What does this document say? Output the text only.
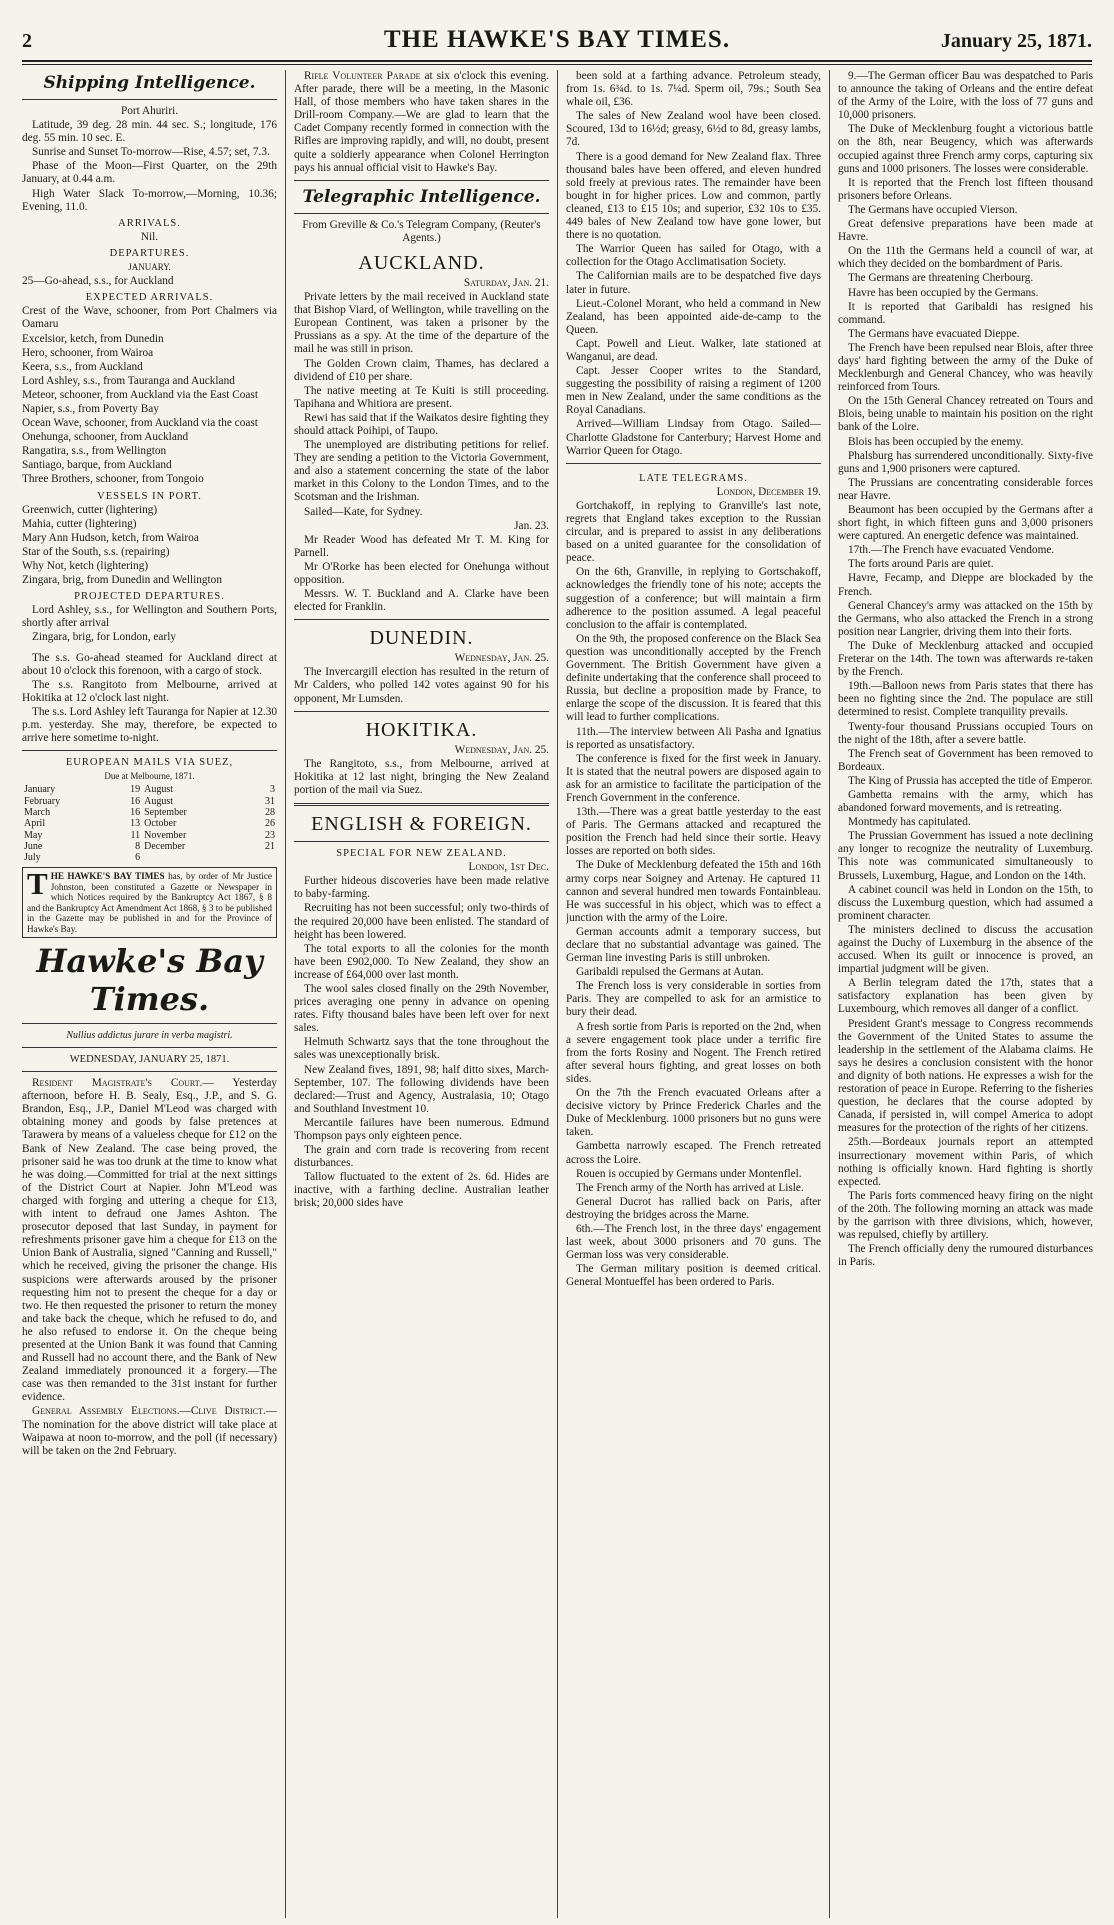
2	THE HAWKE'S BAY TIMES.	January 25, 1871.
Shipping Intelligence.

Port Ahuriri.

Latitude, 39 deg. 28 min. 44 sec. S.; longitude, 176 deg. 55 min. 10 sec. E.

Sunrise and Sunset To-morrow—Rise, 4.57; set, 7.3.

Phase of the Moon—First Quarter, on the 29th January, at 0.44 a.m.

High Water Slack To-morrow,—Morning, 10.36; Evening, 11.0.

ARRIVALS.

Nil.

DEPARTURES.

JANUARY.

25—Go-ahead, s.s., for Auckland

EXPECTED ARRIVALS.

Crest of the Wave, schooner, from Port Chalmers via Oamaru

Excelsior, ketch, from Dunedin

Hero, schooner, from Wairoa

Keera, s.s., from Auckland

Lord Ashley, s.s., from Tauranga and Auckland

Meteor, schooner, from Auckland via the East Coast

Napier, s.s., from Poverty Bay

Ocean Wave, schooner, from Auckland via the coast

Onehunga, schooner, from Auckland

Rangatira, s.s., from Wellington

Santiago, barque, from Auckland

Three Brothers, schooner, from Tongoio

VESSELS IN PORT.

Greenwich, cutter (lightering)

Mahia, cutter (lightering)

Mary Ann Hudson, ketch, from Wairoa

Star of the South, s.s. (repairing)

Why Not, ketch (lightering)

Zingara, brig, from Dunedin and Wellington

PROJECTED DEPARTURES.

Lord Ashley, s.s., for Wellington and Southern Ports, shortly after arrival

Zingara, brig, for London, early

The s.s. Go-ahead steamed for Auckland direct at about 10 o'clock this forenoon, with a cargo of stock.

The s.s. Rangitoto from Melbourne, arrived at Hokitika at 12 o'clock last night.

The s.s. Lord Ashley left Tauranga for Napier at 12.30 p.m. yesterday. She may, therefore, be expected to arrive here sometime to-night.

EUROPEAN MAILS VIA SUEZ,

Due at Melbourne, 1871.

January	19	August	3
February	16	August	31
March	16	September	28
April	13	October	26
May	11	November	23
June	8	December	21
July	6		
T HE HAWKE'S BAY TIMES has, by order of Mr Justice Johnston, been constituted a Gazette or Newspaper in which Notices required by the Bankruptcy Act 1867, § 8 and the Bankruptcy Act Amendment Act 1868, § 3 to be published in the Gazette may be published in and for the Province of Hawke's Bay.
Hawke's Bay Times.
Nullius addictus jurare in verba magistri.

WEDNESDAY, JANUARY 25, 1871.

Resident Magistrate's Court.— Yesterday afternoon, before H. B. Sealy, Esq., J.P., and S. G. Brandon, Esq., J.P., Daniel M'Leod was charged with obtaining money and goods by false pretences at Tarawera by means of a valueless cheque for £12 on the Bank of New Zealand. The case being proved, the prisoner said he was too drunk at the time to know what he was doing.—Committed for trial at the next sittings of the District Court at Napier. John M'Leod was charged with forging and uttering a cheque for £13, with intent to defraud one James Ashton. The prosecutor deposed that last Sunday, in payment for refreshments prisoner gave him a cheque for £13 on the Union Bank of Australia, signed "Canning and Russell," which he received, giving the prisoner the change. His suspicions were afterwards aroused by the prisoner requesting him not to present the cheque for a day or two. He then requested the prisoner to return the money and take back the cheque, which he refused to do, and he also refused to endorse it. On the cheque being presented at the Union Bank it was found that Canning and Russell had no account there, and the Bank of New Zealand immediately pronounced it a forgery.—The case was then remanded to the 31st instant for further evidence.

General Assembly Elections.—Clive District.— The nomination for the above district will take place at Waipawa at noon to-morrow, and the poll (if necessary) will be taken on the 2nd February.

Rifle Volunteer Parade at six o'clock this evening. After parade, there will be a meeting, in the Masonic Hall, of those members who have taken shares in the Drill-room Company.—We are glad to learn that the Cadet Company recently formed in connection with the Rifles are improving rapidly, and will, no doubt, present quite a soldierly appearance when Colonel Herrington pays his annual official visit to Hawke's Bay.

Telegraphic Intelligence.

From Greville & Co.'s Telegram Company, (Reuter's Agents.)

AUCKLAND.

Saturday, Jan. 21.

Private letters by the mail received in Auckland state that Bishop Viard, of Wellington, while travelling on the European Continent, was taken a prisoner by the Prussians as a spy. At the time of the departure of the mail he was still in prison.

The Golden Crown claim, Thames, has declared a dividend of £10 per share.

The native meeting at Te Kuiti is still proceeding. Tapihana and Whitiora are present.

Rewi has said that if the Waikatos desire fighting they should attack Poihipi, of Taupo.

The unemployed are distributing petitions for relief. They are sending a petition to the Victoria Government, and also a statement concerning the state of the labor market in this Colony to the London Times, and to the Scotsman and the Irishman.

Sailed—Kate, for Sydney.

Jan. 23.

Mr Reader Wood has defeated Mr T. M. King for Parnell.

Mr O'Rorke has been elected for Onehunga without opposition.

Messrs. W. T. Buckland and A. Clarke have been elected for Franklin.

DUNEDIN.

Wednesday, Jan. 25.

The Invercargill election has resulted in the return of Mr Calders, who polled 142 votes against 90 for his opponent, Mr Lumsden.

HOKITIKA.

Wednesday, Jan. 25.

The Rangitoto, s.s., from Melbourne, arrived at Hokitika at 12 last night, bringing the New Zealand portion of the mail via Suez.

ENGLISH & FOREIGN.

SPECIAL FOR NEW ZEALAND.

London, 1st Dec.

Further hideous discoveries have been made relative to baby-farming.

Recruiting has not been successful; only two-thirds of the required 20,000 have been enlisted. The standard of height has been lowered.

The total exports to all the colonies for the month have been £902,000. To New Zealand, they show an increase of £64,000 over last month.

The wool sales closed finally on the 29th November, prices averaging one penny in advance on opening rates. Fifty thousand bales have been left over for next sales.

Helmuth Schwartz says that the tone throughout the sales was unexceptionally brisk.

New Zealand fives, 1891, 98; half ditto sixes, March-September, 107. The following dividends have been declared:—Trust and Agency, Australasia, 10; Otago and Southland Investment 10.

Mercantile failures have been numerous. Edmund Thompson pays only eighteen pence.

The grain and corn trade is recovering from recent disturbances.

Tallow fluctuated to the extent of 2s. 6d. Hides are inactive, with a farthing decline. Australian leather brisk; 20,000 sides have

been sold at a farthing advance. Petroleum steady, from 1s. 6¾d. to 1s. 7¼d. Sperm oil, 79s.; South Sea whale oil, £36.

The sales of New Zealand wool have been closed. Scoured, 13d to 16½d; greasy, 6½d to 8d, greasy lambs, 7d.

There is a good demand for New Zealand flax. Three thousand bales have been offered, and eleven hundred sold freely at previous rates. The remainder have been bought in for higher prices. Low and common, partly cleaned, £13 to £15 10s; and superior, £32 10s to £35. 449 bales of New Zealand tow have gone lower, but there is no quotation.

The Warrior Queen has sailed for Otago, with a collection for the Otago Acclimatisation Society.

The Californian mails are to be despatched five days later in future.

Lieut.-Colonel Morant, who held a command in New Zealand, has been appointed aide-de-camp to the Queen.

Capt. Powell and Lieut. Walker, late stationed at Wanganui, are dead.

Capt. Jesser Cooper writes to the Standard, suggesting the possibility of raising a regiment of 1200 men in New Zealand, under the same conditions as the Royal Canadians.

Arrived—William Lindsay from Otago. Sailed—Charlotte Gladstone for Canterbury; Harvest Home and Warrior Queen for Otago.

LATE TELEGRAMS.

London, December 19.

Gortchakoff, in replying to Granville's last note, regrets that England takes exception to the Russian circular, and is prepared to assist in any deliberations based on a united guarantee for the consolidation of peace.

On the 6th, Granville, in replying to Gortschakoff, acknowledges the friendly tone of his note; accepts the suggestion of a conference; but will maintain a firm adherence to the position assumed. A legal peaceful conclusion to the affair is contemplated.

On the 9th, the proposed conference on the Black Sea question was unconditionally accepted by the French Government. The British Government have given a definite undertaking that the conference shall proceed to Russia, but decline a proposition made by France, to enlarge the scope of the discussion. It is feared that this will lead to further complications.

11th.—The interview between Ali Pasha and Ignatius is reported as unsatisfactory.

The conference is fixed for the first week in January. It is stated that the neutral powers are disposed again to ask for an armistice to facilitate the participation of the French Government in the conference.

13th.—There was a great battle yesterday to the east of Paris. The Germans attacked and recaptured the position the French had held since their sortie. Heavy losses are reported on both sides.

The Duke of Mecklenburg defeated the 15th and 16th army corps near Soigney and Artenay. He captured 11 cannon and several hundred men towards Fontainbleau. He was successful in his object, which was to effect a junction with the army of the Loire.

German accounts admit a temporary success, but declare that no substantial advantage was gained. The German line investing Paris is still unbroken.

Garibaldi repulsed the Germans at Autan.

The French loss is very considerable in sorties from Paris. They are compelled to ask for an armistice to bury their dead.

A fresh sortie from Paris is reported on the 2nd, when a severe engagement took place under a terrific fire from the forts Rosiny and Nogent. The French retired after several hours fighting, and great losses on both sides.

On the 7th the French evacuated Orleans after a decisive victory by Prince Frederick Charles and the Duke of Mecklenburg. 1000 prisoners but no guns were taken.

Gambetta narrowly escaped. The French retreated across the Loire.

Rouen is occupied by Germans under Montenflel.

The French army of the North has arrived at Lisle.

General Ducrot has rallied back on Paris, after destroying the bridges across the Marne.

6th.—The French lost, in the three days' engagement last week, about 3000 prisoners and 70 guns. The German loss was very considerable.

The German military position is deemed critical. General Montueffel has been ordered to Paris.

9.—The German officer Bau was despatched to Paris to announce the taking of Orleans and the entire defeat of the Army of the Loire, with the loss of 77 guns and 10,000 prisoners.

The Duke of Mecklenburg fought a victorious battle on the 8th, near Beugency, which was afterwards occupied against three French army corps, capturing six guns and 1000 prisoners. The losses were considerable.

It is reported that the French lost fifteen thousand prisoners before Orleans.

The Germans have occupied Vierson.

Great defensive preparations have been made at Havre.

On the 11th the Germans held a council of war, at which they decided on the bombardment of Paris.

The Germans are threatening Cherbourg.

Havre has been occupied by the Germans.

It is reported that Garibaldi has resigned his command.

The Germans have evacuated Dieppe.

The French have been repulsed near Blois, after three days' hard fighting between the army of the Duke of Mecklenburgh and General Chancey, who was heavily reinforced from Tours.

On the 15th General Chancey retreated on Tours and Blois, being unable to maintain his position on the right bank of the Loire.

Blois has been occupied by the enemy.

Phalsburg has surrendered unconditionally. Sixty-five guns and 1,900 prisoners were captured.

The Prussians are concentrating considerable forces near Havre.

Beaumont has been occupied by the Germans after a short fight, in which fifteen guns and 3,000 prisoners were captured. An energetic defence was maintained.

17th.—The French have evacuated Vendome.

The forts around Paris are quiet.

Havre, Fecamp, and Dieppe are blockaded by the French.

General Chancey's army was attacked on the 15th by the Germans, who also attacked the French in a strong position near Langrier, driving them into their forts.

The Duke of Mecklenburg attacked and occupied Freterar on the 14th. The town was afterwards re-taken by the French.

19th.—Balloon news from Paris states that there has been no fighting since the 2nd. The populace are still determined to resist. Complete tranquility prevails.

Twenty-four thousand Prussians occupied Tours on the night of the 18th, after a severe battle.

The French seat of Government has been removed to Bordeaux.

The King of Prussia has accepted the title of Emperor.

Gambetta remains with the army, which has abandoned forward movements, and is retreating.

Montmedy has capitulated.

The Prussian Government has issued a note declining any longer to recognize the neutrality of Luxemburg. This note was communicated simultaneously to Brussels, Luxemburg, Hague, and London on the 14th.

A cabinet council was held in London on the 15th, to discuss the Luxemburg question, which had assumed a prominent character.

The ministers declined to discuss the accusation against the Duchy of Luxemburg in the absence of the accused. When its guilt or innocence is proved, an impartial judgment will be given.

A Berlin telegram dated the 17th, states that a satisfactory explanation has been given by Luxembourg, which removes all danger of a conflict.

President Grant's message to Congress recommends the Government of the United States to assume the leadership in the settlement of the Alabama claims. He says he desires a conclusion consistent with the honor and dignity of both nations. He expresses a wish for the restoration of peace in Europe. Referring to the fisheries question, he declares that the course adopted by Canada, if persisted in, will compel America to adopt measures for the protection of the rights of her citizens.

25th.—Bordeaux journals report an attempted insurrectionary movement within Paris, of which nothing is officially known. Hard fighting is shortly expected.

The Paris forts commenced heavy firing on the night of the 20th. The following morning an attack was made by the garrison with three divisions, which, however, was repulsed, chiefly by artillery.

The French officially deny the rumoured disturbances in Paris.
